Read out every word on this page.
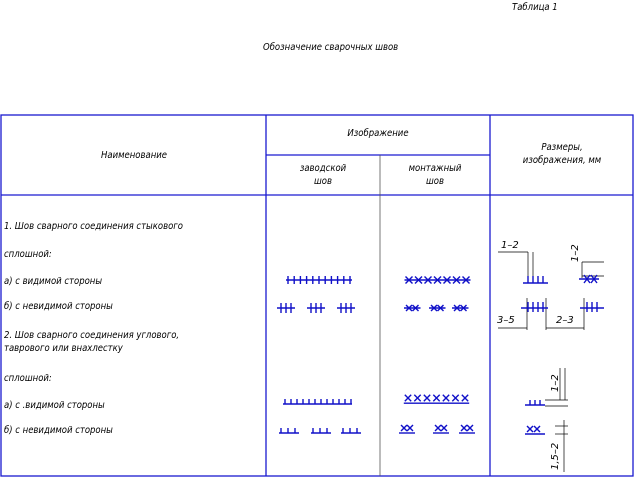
Таблица 1
Обозначение сварочных швов
Наименование
Изображение
заводской
шов
монтажный
шов
Размеры,
изображения, мм
1. Шов сварного соединения стыкового
сплошной:
а) с видимой стороны
б) с невидимой стороны
2. Шов сварного соединения углового,
таврового или внахлестку
сплошной:
а) с .видимой стороны
б) с невидимой стороны
1–2	1–2
3–5	2–3
1–2
1,5–2
